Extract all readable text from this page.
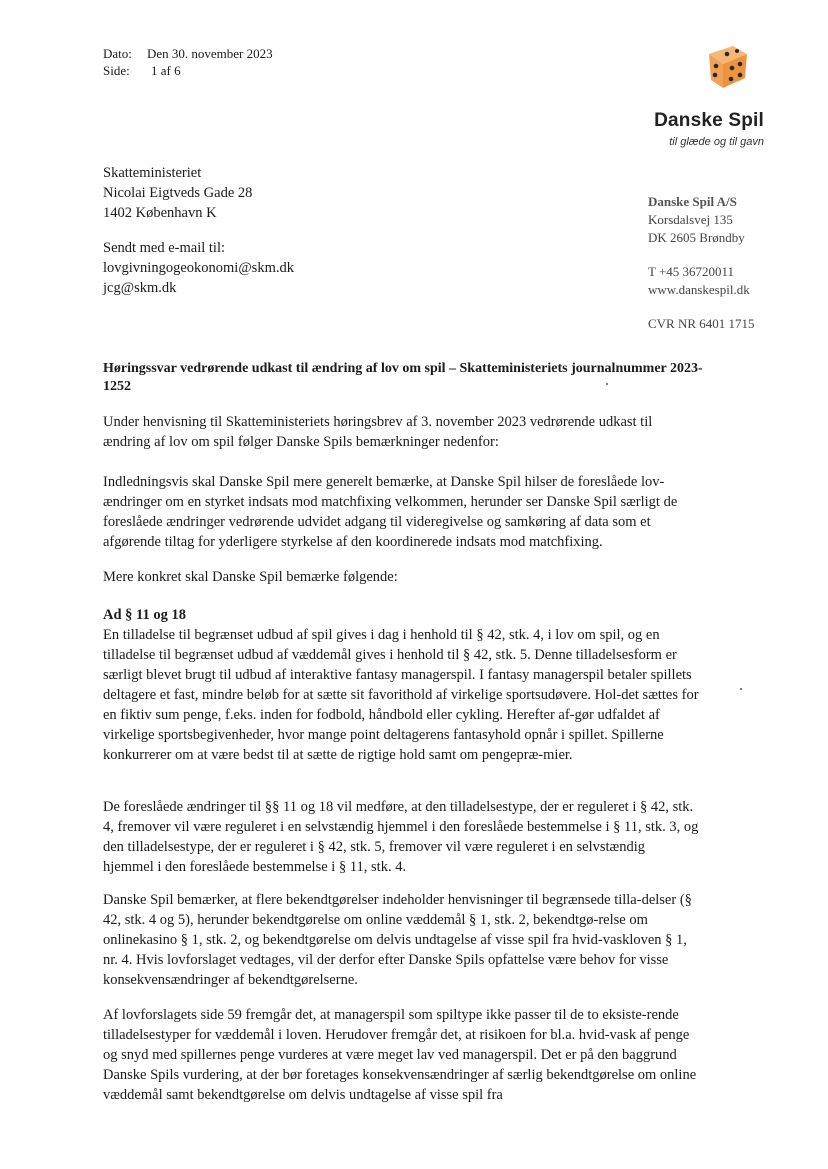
Dato:	Den 30. november 2023
Side:	1 af 6
Danske Spil
til glæde og til gavn
Skatteministeriet
Nicolai Eigtveds Gade 28
1402 København K
Sendt med e-mail til:
lovgivningogeokonomi@skm.dk
jcg@skm.dk
Danske Spil A/S
Korsdalsvej 135
DK 2605 Brøndby
T +45 36720011
www.danskespil.dk
CVR NR 6401 1715
Høringssvar vedrørende udkast til ændring af lov om spil – Skatteministeriets journalnummer 2023-1252
Under henvisning til Skatteministeriets høringsbrev af 3. november 2023 vedrørende udkast til ændring af lov om spil følger Danske Spils bemærkninger nedenfor:
Indledningsvis skal Danske Spil mere generelt bemærke, at Danske Spil hilser de foreslåede lov-ændringer om en styrket indsats mod matchfixing velkommen, herunder ser Danske Spil særligt de foreslåede ændringer vedrørende udvidet adgang til videregivelse og samkøring af data som et afgørende tiltag for yderligere styrkelse af den koordinerede indsats mod matchfixing.
Mere konkret skal Danske Spil bemærke følgende:
Ad § 11 og 18
En tilladelse til begrænset udbud af spil gives i dag i henhold til § 42, stk. 4, i lov om spil, og en tilladelse til begrænset udbud af væddemål gives i henhold til § 42, stk. 5. Denne tilladelsesform er særligt blevet brugt til udbud af interaktive fantasy managerspil. I fantasy managerspil betaler spillets deltagere et fast, mindre beløb for at sætte sit favorithold af virkelige sportsudøvere. Hol-det sættes for en fiktiv sum penge, f.eks. inden for fodbold, håndbold eller cykling. Herefter af-gør udfaldet af virkelige sportsbegivenheder, hvor mange point deltagerens fantasyhold opnår i spillet. Spillerne konkurrerer om at være bedst til at sætte de rigtige hold samt om pengepræ-mier.
De foreslåede ændringer til §§ 11 og 18 vil medføre, at den tilladelsestype, der er reguleret i § 42, stk. 4, fremover vil være reguleret i en selvstændig hjemmel i den foreslåede bestemmelse i § 11, stk. 3, og den tilladelsestype, der er reguleret i § 42, stk. 5, fremover vil være reguleret i en selvstændig hjemmel i den foreslåede bestemmelse i § 11, stk. 4.
Danske Spil bemærker, at flere bekendtgørelser indeholder henvisninger til begrænsede tilla-delser (§ 42, stk. 4 og 5), herunder bekendtgørelse om online væddemål § 1, stk. 2, bekendtgø-relse om onlinekasino § 1, stk. 2, og bekendtgørelse om delvis undtagelse af visse spil fra hvid-vaskloven § 1, nr. 4. Hvis lovforslaget vedtages, vil der derfor efter Danske Spils opfattelse være behov for visse konsekvensændringer af bekendtgørelserne.
Af lovforslagets side 59 fremgår det, at managerspil som spiltype ikke passer til de to eksiste-rende tilladelsestyper for væddemål i loven. Herudover fremgår det, at risikoen for bl.a. hvid-vask af penge og snyd med spillernes penge vurderes at være meget lav ved managerspil. Det er på den baggrund Danske Spils vurdering, at der bør foretages konsekvensændringer af særlig bekendtgørelse om online væddemål samt bekendtgørelse om delvis undtagelse af visse spil fra
